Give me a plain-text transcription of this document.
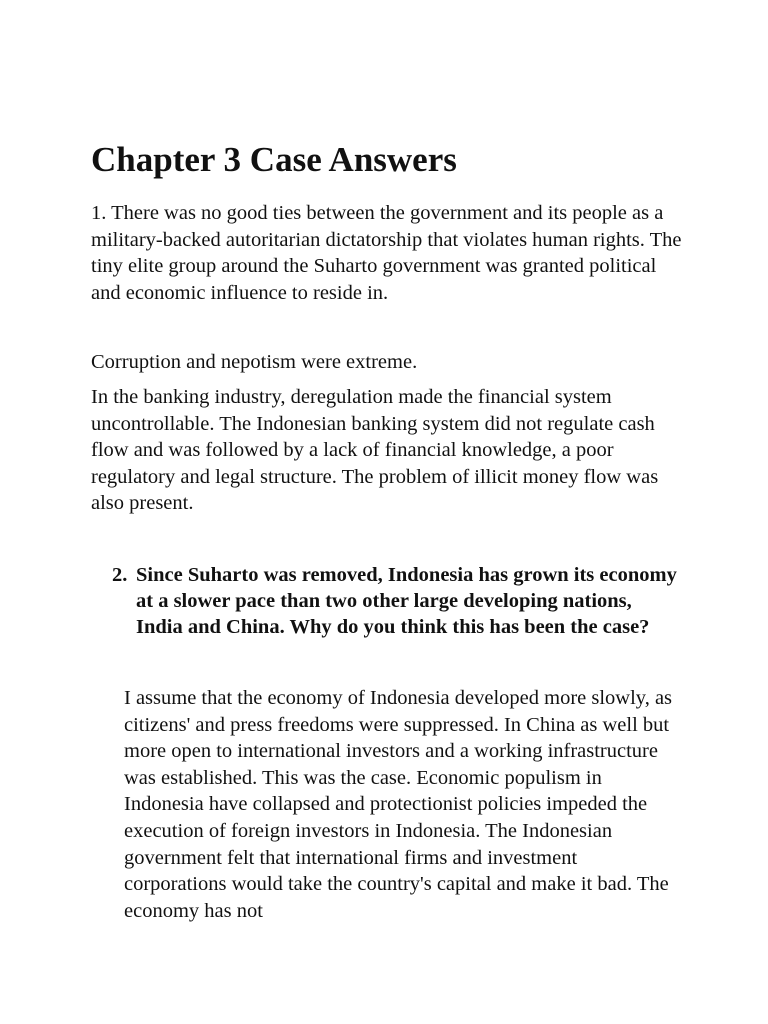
Chapter 3 Case Answers

1. There was no good ties between the government and its people as a military-backed autoritarian dictatorship that violates human rights. The tiny elite group around the Suharto government was granted political and economic influence to reside in.

Corruption and nepotism were extreme.

In the banking industry, deregulation made the financial system uncontrollable. The Indonesian banking system did not regulate cash flow and was followed by a lack of financial knowledge, a poor regulatory and legal structure. The problem of illicit money flow was also present.

2. Since Suharto was removed, Indonesia has grown its economy at a slower pace than two other large developing nations, India and China. Why do you think this has been the case?

I assume that the economy of Indonesia developed more slowly, as citizens' and press freedoms were suppressed. In China as well but more open to international investors and a working infrastructure was established. This was the case. Economic populism in Indonesia have collapsed and protectionist policies impeded the execution of foreign investors in Indonesia. The Indonesian government felt that international firms and investment corporations would take the country's capital and make it bad. The economy has not
